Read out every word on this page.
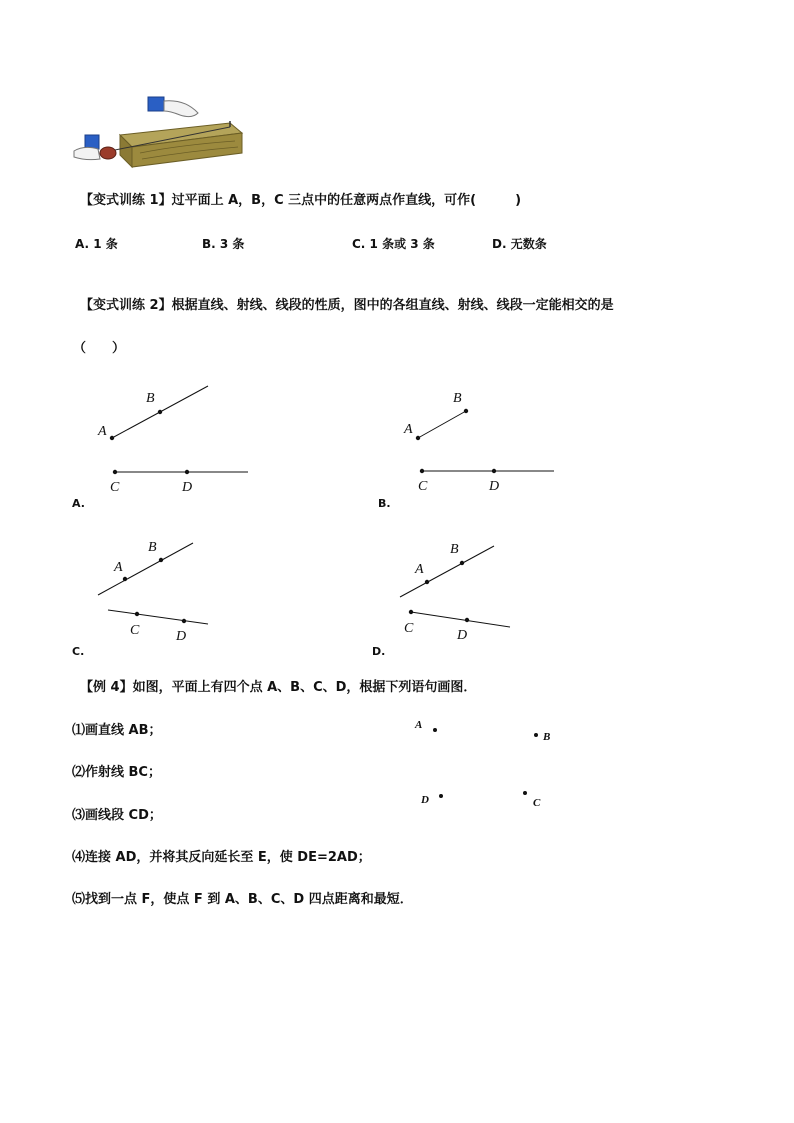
【变式训练 1】过平面上 A，B，C 三点中的任意两点作直线，可作(　　　)
A. 1 条	B. 3 条	C. 1 条或 3 条	D. 无数条
【变式训练 2】根据直线、射线、线段的性质，图中的各组直线、射线、线段一定能相交的是
（　　）
A
B
C	D
A.
A
B
C	D
B.
A
B
C	D
C.
A
B
C	D
D.
【例 4】如图，平面上有四个点 A、B、C、D，根据下列语句画图．
⑴画直线 AB；
⑵作射线 BC；
⑶画线段 CD；
⑷连接 AD，并将其反向延长至 E，使 DE=2AD；
⑸找到一点 F，使点 F 到 A、B、C、D 四点距离和最短．
A
B
D	C
